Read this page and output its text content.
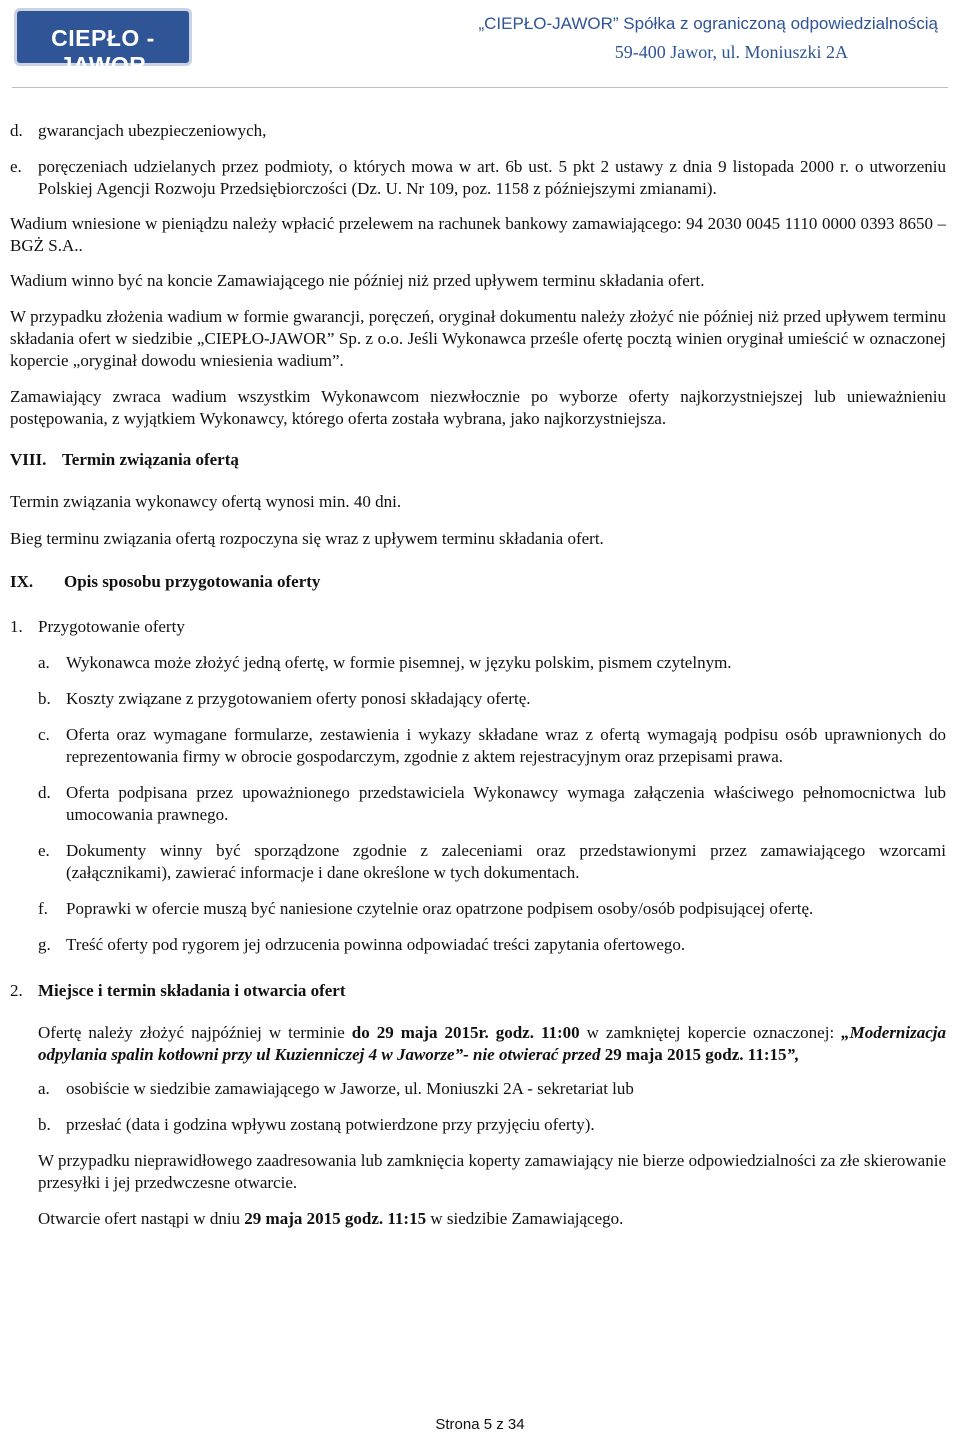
CIEPŁO - JAWOR
„CIEPŁO-JAWOR” Spółka z ograniczoną odpowiedzialnością
59-400 Jawor, ul. Moniuszki 2A
d. gwarancjach ubezpieczeniowych,
e. poręczeniach udzielanych przez podmioty, o których mowa w art. 6b ust. 5 pkt 2 ustawy z dnia 9 listopada 2000 r. o utworzeniu Polskiej Agencji Rozwoju Przedsiębiorczości (Dz. U. Nr 109, poz. 1158 z późniejszymi zmianami).

Wadium wniesione w pieniądzu należy wpłacić przelewem na rachunek bankowy zamawiającego: 94 2030 0045 1110 0000 0393 8650 – BGŻ S.A..

Wadium winno być na koncie Zamawiającego nie później niż przed upływem terminu składania ofert.

W przypadku złożenia wadium w formie gwarancji, poręczeń, oryginał dokumentu należy złożyć nie później niż przed upływem terminu składania ofert w siedzibie „CIEPŁO-JAWOR” Sp. z o.o. Jeśli Wykonawca prześle ofertę pocztą winien oryginał umieścić w oznaczonej kopercie „oryginał dowodu wniesienia wadium”.

Zamawiający zwraca wadium wszystkim Wykonawcom niezwłocznie po wyborze oferty najkorzystniejszej lub unieważnieniu postępowania, z wyjątkiem Wykonawcy, którego oferta została wybrana, jako najkorzystniejsza.

VIII. Termin związania ofertą

Termin związania wykonawcy ofertą wynosi min. 40 dni.

Bieg terminu związania ofertą rozpoczyna się wraz z upływem terminu składania ofert.

IX.	Opis sposobu przygotowania oferty
1. Przygotowanie oferty
a. Wykonawca może złożyć jedną ofertę, w formie pisemnej, w języku polskim, pismem czytelnym.
b. Koszty związane z przygotowaniem oferty ponosi składający ofertę.
c. Oferta oraz wymagane formularze, zestawienia i wykazy składane wraz z ofertą wymagają podpisu osób uprawnionych do reprezentowania firmy w obrocie gospodarczym, zgodnie z aktem rejestracyjnym oraz przepisami prawa.
d. Oferta podpisana przez upoważnionego przedstawiciela Wykonawcy wymaga załączenia właściwego pełnomocnictwa lub umocowania prawnego.
e. Dokumenty winny być sporządzone zgodnie z zaleceniami oraz przedstawionymi przez zamawiającego wzorcami (załącznikami), zawierać informacje i dane określone w tych dokumentach.
f.	Poprawki w ofercie muszą być naniesione czytelnie oraz opatrzone podpisem osoby/osób podpisującej ofertę.
g. Treść oferty pod rygorem jej odrzucenia powinna odpowiadać treści zapytania ofertowego.
2. Miejsce i termin składania i otwarcia ofert

Ofertę należy złożyć najpóźniej w terminie do 29 maja 2015r. godz. 11:00 w zamkniętej kopercie oznaczonej: „Modernizacja odpylania spalin kotłowni przy ul Kuzienniczej 4 w Jaworze”- nie otwierać przed 29 maja 2015 godz. 11:15”,

a. osobiście w siedzibie zamawiającego w Jaworze, ul. Moniuszki 2A - sekretariat lub
b. przesłać (data i godzina wpływu zostaną potwierdzone przy przyjęciu oferty).

W przypadku nieprawidłowego zaadresowania lub zamknięcia koperty zamawiający nie bierze odpowiedzialności za złe skierowanie przesyłki i jej przedwczesne otwarcie.

Otwarcie ofert nastąpi w dniu 29 maja 2015 godz. 11:15 w siedzibie Zamawiającego.

Strona 5 z 34
